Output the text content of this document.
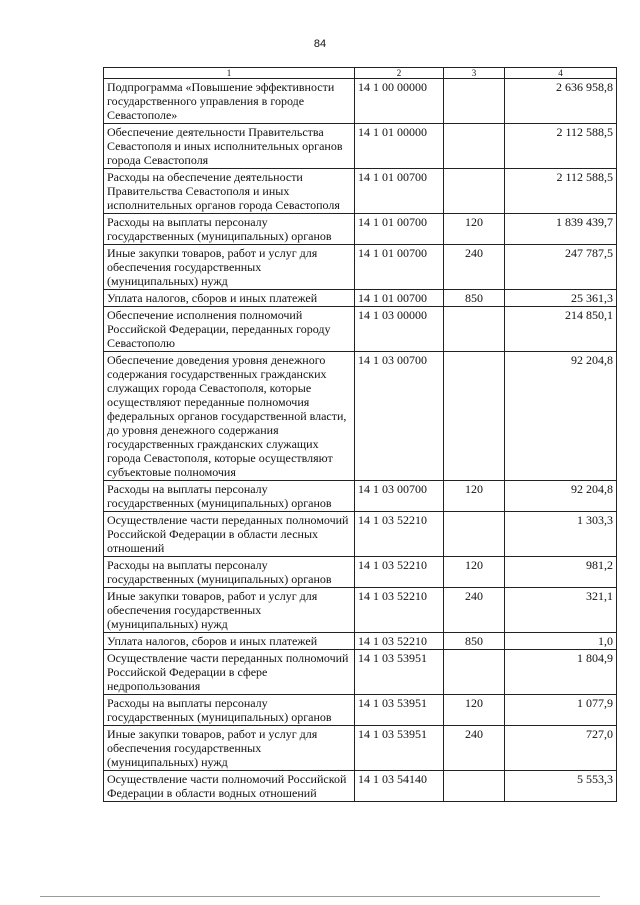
84
1	2	3	4
Подпрограмма «Повышение эффективности государственного управления в городе Севастополе»	14 1 00 00000		2 636 958,8
Обеспечение деятельности Правительства Севастополя и иных исполнительных органов города Севастополя	14 1 01 00000		2 112 588,5
Расходы на обеспечение деятельности Правительства Севастополя и иных исполнительных органов города Севастополя	14 1 01 00700		2 112 588,5
Расходы на выплаты персоналу государственных (муниципальных) органов	14 1 01 00700	120	1 839 439,7
Иные закупки товаров, работ и услуг для обеспечения государственных (муниципальных) нужд	14 1 01 00700	240	247 787,5
Уплата налогов, сборов и иных платежей	14 1 01 00700	850	25 361,3
Обеспечение исполнения полномочий Российской Федерации, переданных городу Севастополю	14 1 03 00000		214 850,1
Обеспечение доведения уровня денежного содержания государственных гражданских служащих города Севастополя, которые осуществляют переданные полномочия федеральных органов государственной власти, до уровня денежного содержания государственных гражданских служащих города Севастополя, которые осуществляют субъектовые полномочия	14 1 03 00700		92 204,8
Расходы на выплаты персоналу государственных (муниципальных) органов	14 1 03 00700	120	92 204,8
Осуществление части переданных полномочий Российской Федерации в области лесных отношений	14 1 03 52210		1 303,3
Расходы на выплаты персоналу государственных (муниципальных) органов	14 1 03 52210	120	981,2
Иные закупки товаров, работ и услуг для обеспечения государственных (муниципальных) нужд	14 1 03 52210	240	321,1
Уплата налогов, сборов и иных платежей	14 1 03 52210	850	1,0
Осуществление части переданных полномочий Российской Федерации в сфере недропользования	14 1 03 53951		1 804,9
Расходы на выплаты персоналу государственных (муниципальных) органов	14 1 03 53951	120	1 077,9
Иные закупки товаров, работ и услуг для обеспечения государственных (муниципальных) нужд	14 1 03 53951	240	727,0
Осуществление части полномочий Российской Федерации в области водных отношений	14 1 03 54140		5 553,3
